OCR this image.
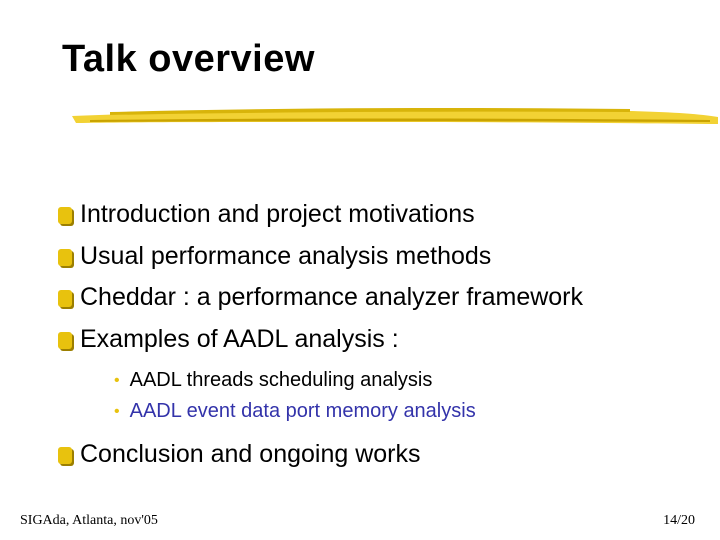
Talk overview
Introduction and project motivations
Usual performance analysis methods
Cheddar : a performance analyzer framework
Examples of AADL analysis :
• AADL threads scheduling analysis
• AADL event data port memory analysis
Conclusion and ongoing works
SIGAda, Atlanta, nov'05	14/20
